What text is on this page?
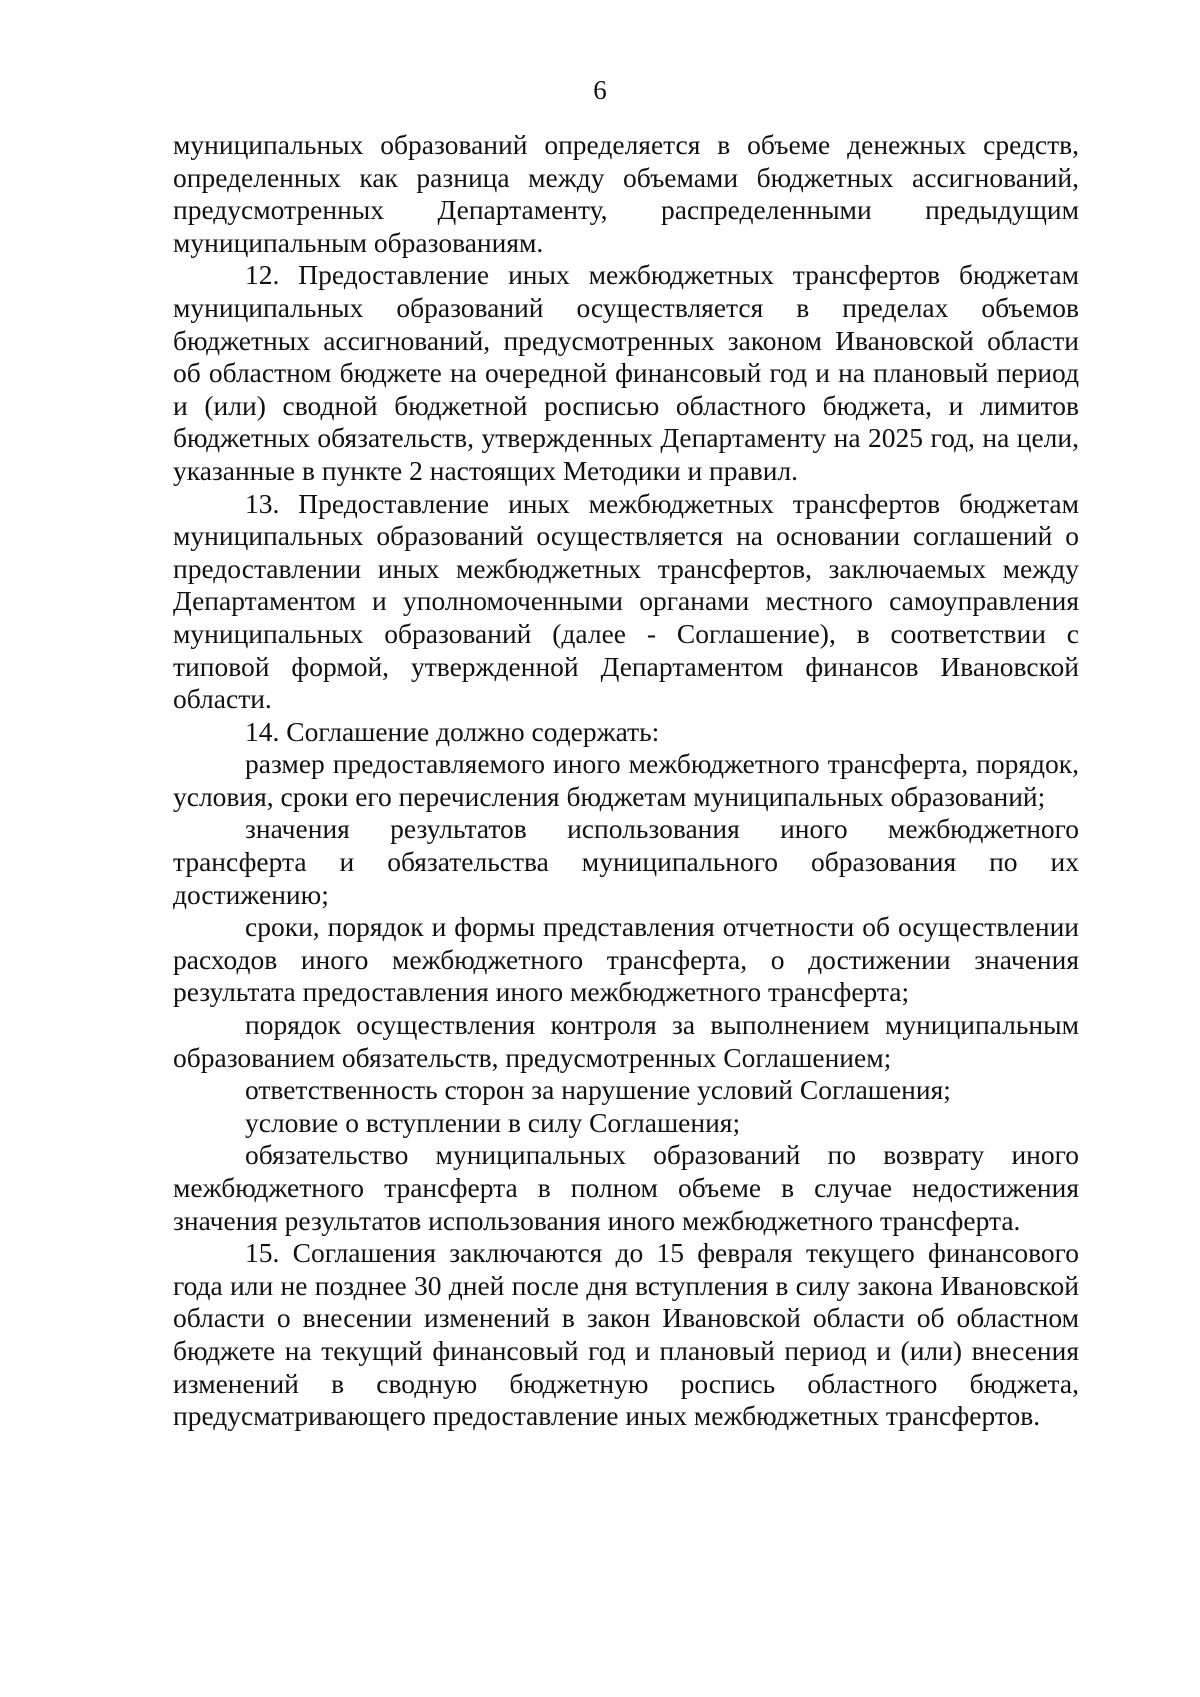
6

муниципальных образований определяется в объеме денежных средств, определенных как разница между объемами бюджетных ассигнований, предусмотренных Департаменту, распределенными предыдущим муниципальным образованиям.

12. Предоставление иных межбюджетных трансфертов бюджетам муниципальных образований осуществляется в пределах объемов бюджетных ассигнований, предусмотренных законом Ивановской области об областном бюджете на очередной финансовый год и на плановый период и (или) сводной бюджетной росписью областного бюджета, и лимитов бюджетных обязательств, утвержденных Департаменту на 2025 год, на цели, указанные в пункте 2 настоящих Методики и правил.

13. Предоставление иных межбюджетных трансфертов бюджетам муниципальных образований осуществляется на основании соглашений о предоставлении иных межбюджетных трансфертов, заключаемых между Департаментом и уполномоченными органами местного самоуправления муниципальных образований (далее - Соглашение), в соответствии с типовой формой, утвержденной Департаментом финансов Ивановской области.

14. Соглашение должно содержать:

размер предоставляемого иного межбюджетного трансферта, порядок, условия, сроки его перечисления бюджетам муниципальных образований;

значения результатов использования иного межбюджетного трансферта и обязательства муниципального образования по их достижению;

сроки, порядок и формы представления отчетности об осуществлении расходов иного межбюджетного трансферта, о достижении значения результата предоставления иного межбюджетного трансферта;

порядок осуществления контроля за выполнением муниципальным образованием обязательств, предусмотренных Соглашением;

ответственность сторон за нарушение условий Соглашения;

условие о вступлении в силу Соглашения;

обязательство муниципальных образований по возврату иного межбюджетного трансферта в полном объеме в случае недостижения значения результатов использования иного межбюджетного трансферта.

15. Соглашения заключаются до 15 февраля текущего финансового года или не позднее 30 дней после дня вступления в силу закона Ивановской области о внесении изменений в закон Ивановской области об областном бюджете на текущий финансовый год и плановый период и (или) внесения изменений в сводную бюджетную роспись областного бюджета, предусматривающего предоставление иных межбюджетных трансфертов.
